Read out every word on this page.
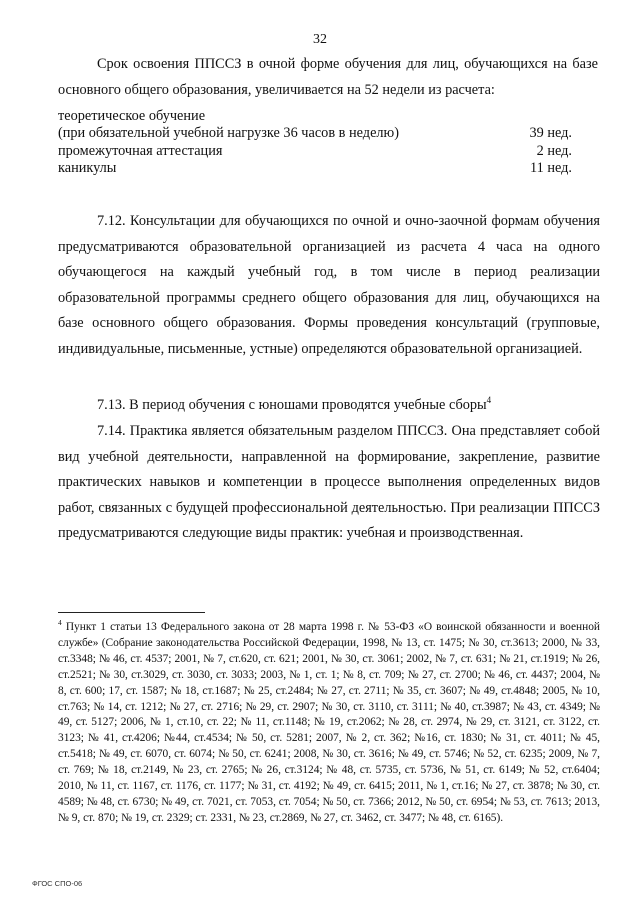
32

Срок освоения ППССЗ в очной форме обучения для лиц, обучающихся на базе основного общего образования, увеличивается на 52 недели из расчета:

теоретическое обучение
(при обязательной учебной нагрузке 36 часов в неделю)	39 нед.
промежуточная аттестация	2 нед.
каникулы	11 нед.

7.12. Консультации для обучающихся по очной и очно-заочной формам обучения предусматриваются образовательной организацией из расчета 4 часа на одного обучающегося на каждый учебный год, в том числе в период реализации образовательной программы среднего общего образования для лиц, обучающихся на базе основного общего образования. Формы проведения консультаций (групповые, индивидуальные, письменные, устные) определяются образовательной организацией.

7.13. В период обучения с юношами проводятся учебные сборы$^4$

7.14. Практика является обязательным разделом ППССЗ. Она представляет собой вид учебной деятельности, направленной на формирование, закрепление, развитие практических навыков и компетенции в процессе выполнения определенных видов работ, связанных с будущей профессиональной деятельностью. При реализации ППССЗ предусматриваются следующие виды практик: учебная и производственная.

$^4$ Пункт 1 статьи 13 Федерального закона от 28 марта 1998 г. № 53-ФЗ «О воинской обязанности и военной службе» (Собрание законодательства Российской Федерации, 1998, № 13, ст. 1475; № 30, ст.3613; 2000, № 33, ст.3348; № 46, ст. 4537; 2001, № 7, ст.620, ст. 621; 2001, № 30, ст. 3061; 2002, № 7, ст. 631; № 21, ст.1919; № 26, ст.2521; № 30, ст.3029, ст. 3030, ст. 3033; 2003, № 1, ст. 1; № 8, ст. 709; № 27, ст. 2700; № 46, ст. 4437; 2004, № 8, ст. 600; 17, ст. 1587; № 18, ст.1687; № 25, ст.2484; № 27, ст. 2711; № 35, ст. 3607; № 49, ст.4848; 2005, № 10, ст.763; № 14, ст. 1212; № 27, ст. 2716; № 29, ст. 2907; № 30, ст. 3110, ст. 3111; № 40, ст.3987; № 43, ст. 4349; № 49, ст. 5127; 2006, № 1, ст.10, ст. 22; № 11, ст.1148; № 19, ст.2062; № 28, ст. 2974, № 29, ст. 3121, ст. 3122, ст. 3123; № 41, ст.4206; №44, ст.4534; № 50, ст. 5281; 2007, № 2, ст. 362; №16, ст. 1830; № 31, ст. 4011; № 45, ст.5418; № 49, ст. 6070, ст. 6074; № 50, ст. 6241; 2008, № 30, ст. 3616; № 49, ст. 5746; № 52, ст. 6235; 2009, № 7, ст. 769; № 18, ст.2149, № 23, ст. 2765; № 26, ст.3124; № 48, ст. 5735, ст. 5736, № 51, ст. 6149; № 52, ст.6404; 2010, № 11, ст. 1167, ст. 1176, ст. 1177; № 31, ст. 4192; № 49, ст. 6415; 2011, № 1, ст.16; № 27, ст. 3878; № 30, ст. 4589; № 48, ст. 6730; № 49, ст. 7021, ст. 7053, ст. 7054; № 50, ст. 7366; 2012, № 50, ст. 6954; № 53, ст. 7613; 2013, № 9, ст. 870; № 19, ст. 2329; ст. 2331, № 23, ст.2869, № 27, ст. 3462, ст. 3477; № 48, ст. 6165).

ФГОС СПО-06
